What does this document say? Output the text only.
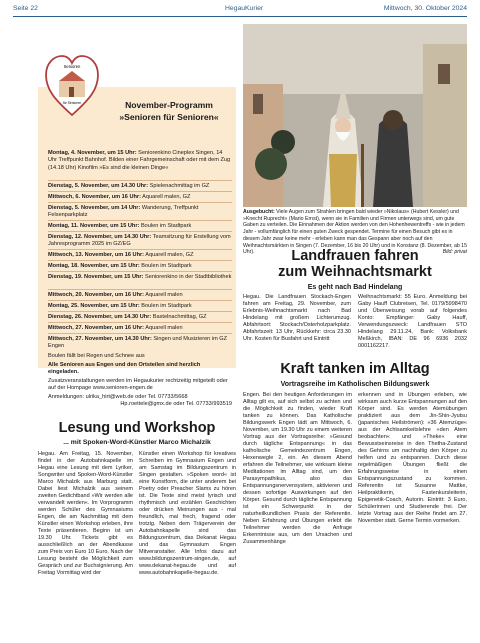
Seite 22	HegauKurier	Mittwoch, 30. Oktober 2024
Senioren
für Senioren	November-Programm
»Senioren für Senioren«
Montag, 4. November, um 15 Uhr: Seniorenkino Cineplex Singen, 14 Uhr Treffpunkt Bahnhof. Bilden einer Fahrgemeinschaft oder mit dem Zug (14.18 Uhr) Kinofilm »Es sind die kleinen Dinge«
Dienstag, 5. November, um 14.30 Uhr: Spielenachmittag im GZ
Mittwoch, 6. November, um 16 Uhr: Aquarell malen, GZ
Dienstag, 5. November, um 14 Uhr: Wanderung, Treffpunkt Felsenparkplatz
Montag, 11. November, um 15 Uhr: Boulen im Stadtpark
Dienstag, 12. November, um 14.30 Uhr: Teamsitzung für Erstellung vom Jahresprogramm 2025 im GZ/EG
Mittwoch, 13. November, um 16 Uhr: Aquarell malen, GZ
Montag, 18. November, um 15 Uhr: Boulen im Stadtpark
Dienstag, 19. November, um 15 Uhr: Seniorenkino in der Stadtbibliothek
Mittwoch, 20. November, um 16 Uhr: Aquarell malen
Montag, 25. November, um 15 Uhr: Boulen im Stadtpark
Dienstag, 26. November, um 14.30 Uhr: Bastelnachmittag, GZ
Mittwoch, 27. November, um 16 Uhr: Aquarell malen
Mittwoch, 27. November, um 14.30 Uhr: Singen und Musizieren im GZ Engen
Boulen fällt bei Regen und Schnee aus
Alle Senioren aus Engen und den Ortsteilen sind herzlich eingeladen.
Zusatzveranstaltungen werden im Hegaukurier rechtzeitig mitgeteilt oder auf der Hompage www.senioren-engen.de
Anmeldungen: ulrika_hirt@web.de oder Tel. 07733/5668
Hp.roettele@gmx.de oder Tel. 07733/993519
Ausgebucht: Viele Augen zum Strahlen bringen bald wieder »Nikolaus« (Hubert Kessler) und »Knecht Ruprecht« (Mario Ernst), wenn sie in Familien und Firmen unterwegs sind, um gute Gaben zu verteilen. Die Einnahmen der Aktion werden von den Hohenhewentreffs - wie in jedem Jahr - vollumfänglich für einen guten Zweck gespendet. Termine für einen Besuch gibt es in diesem Jahr zwar keine mehr - erleben kann man das Gespann aber noch auf den Weihnachtsmärkten in Singen (7. Dezember, 16 bis 20 Uhr) und in Konstanz (8. Dezember, ab 15 Uhr).	Bild: privat
Landfrauen fahren
zum Weihnachtsmarkt
Es geht nach Bad Hindelang
Hegau. Die Landfrauen Stockach-Engen fahren am Freitag, 29. November, zum Erlebnis-Weihnachtsmarkt nach Bad Hindelang mit großem Lichterumzug. Abfahrtsort: Stockach/Osterholzparkplatz. Abfahrtszeit: 13 Uhr, Rückkehr: circa 23.30 Uhr. Kosten für Busfahrt und Eintritt
Weihnachtsmarkt: 55 Euro. Anmeldung bei Gaby Hauff Clubreisen, Tel. 0179/5998470 und Überweisung vorab auf folgendes Konto: Empfänger: Gaby Hauff, Verwendungszweck: Landfrauen STO Hindelang 29.11.24, Bank: Volksbank Meßkirch, IBAN: DE 96 6936 2032 0001162217.
Kraft tanken im Alltag
Vortragsreihe im Katholischen Bildungswerk
Engen. Bei den heutigen Anforderungen im Alltag gilt es, auf sich selbst zu achten und die Möglichkeit zu finden, wieder Kraft tanken zu können. Das Katholische Bildungswerk Engen lädt am Mittwoch, 6. November, um 19.30 Uhr zu einem weiteren Vortrag aus der Vortragsreihe: »Gesund durch tägliche Entspannung« in das katholische Gemeindezentrum Engen, Hexenwegle 2, ein. An diesem Abend erfahren die Teilnehmer, wie wirksam kleine Meditationen im Alltag sind, um den Parasympathikus, also das Entspannungsnervensystem, aktivieren und dessen sofortige Auswirkungen auf den Körper. Gesund durch tägliche Entspannung ist ein Schwerpunkt in der naturheilkundlichen Praxis der Referentin. Neben Erfahrung und Übungen erlebt die Teilnehmer werden die Anfrage Erkenntnisse aus, um den Ursachen und Zusammenhänge
erkennen und in Übungen erleben, wie wirksam auch kurze Entspannungen auf den Körper sind. Es werden Atemübungen praktiziert aus dem Jin-Shin-Jyutsu (japanisches Heilströmen): »36 Atemzüge« aus der Achtsamkeitslehre »den Atem beobachten« und »Theke« eine Bewusstseinsreise in den Thetha-Zustand des Gehirns um nachhaltig den Körper zu helfen und zu entspannen. Durch diese regelmäßigen Übungen fließt die Erfahrungsweise in einen Entspannungszustand zu kommen. Referentin ist Susanne Mattke, Heilpraktikerin, Fastenkursleiterin, Epigenetik-Coach, Autorin. Eintritt: 3 Euro, Schülerinnen und Studierende frei. Der letzte Vortrag aus der Reihe findet am 27. November statt. Gerne Termin vormerken.
Lesung und Workshop
... mit Spoken-Word-Künstler Marco Michalzik
Hegau. Am Freitag, 15. November, findet in der Autobahnkapelle im Hegau eine Lesung mit dem Lyriker, Songwriter und Spoken-Word-Künstler Marco Michalzik aus Marburg statt. Dabei liest Michalzik aus seinem zweiten Gedichtband »Wir werden alle verwandelt werden«. Im Vorprogramm werden Schüler des Gymnasiums Engen, die am Nachmittag mit dem Künstler einen Workshop erleben, ihre Texte präsentieren. Beginn ist um 19.30 Uhr. Tickets gibt es ausschließlich an der Abendkasse zum Preis von Euro 10 Euro. Nach der Lesung besteht die Möglichkeit zum Gespräch und zur Buchsignierung. Am Freitag Vormittag wird der
Künstler einen Workshop für kreatives Schreiben im Gymnasium Engen und am Samstag im Bildungszentrum in Singen gestalten. »Spoken word« ist eine Kunstform, die unter anderem bei Poetry oder Preacher Slams zu hören ist. Die Texte sind meist lyrisch und rhythmisch und erzählen Geschichten oder drücken Meinungen aus - mal freundlich, mal frech, fragend oder trotzig. Neben dem Trägerverein der Autobahnkapelle sind das Bildungszentrum, das Dekanat Hegau und das Gymnasium Engen Mitveranstalter. Alle Infos dazu auf www.bildungszentrum-singen.de, auf www.dekanat-hegau.de und auf www.autobahnkapelle-hegau.de.
